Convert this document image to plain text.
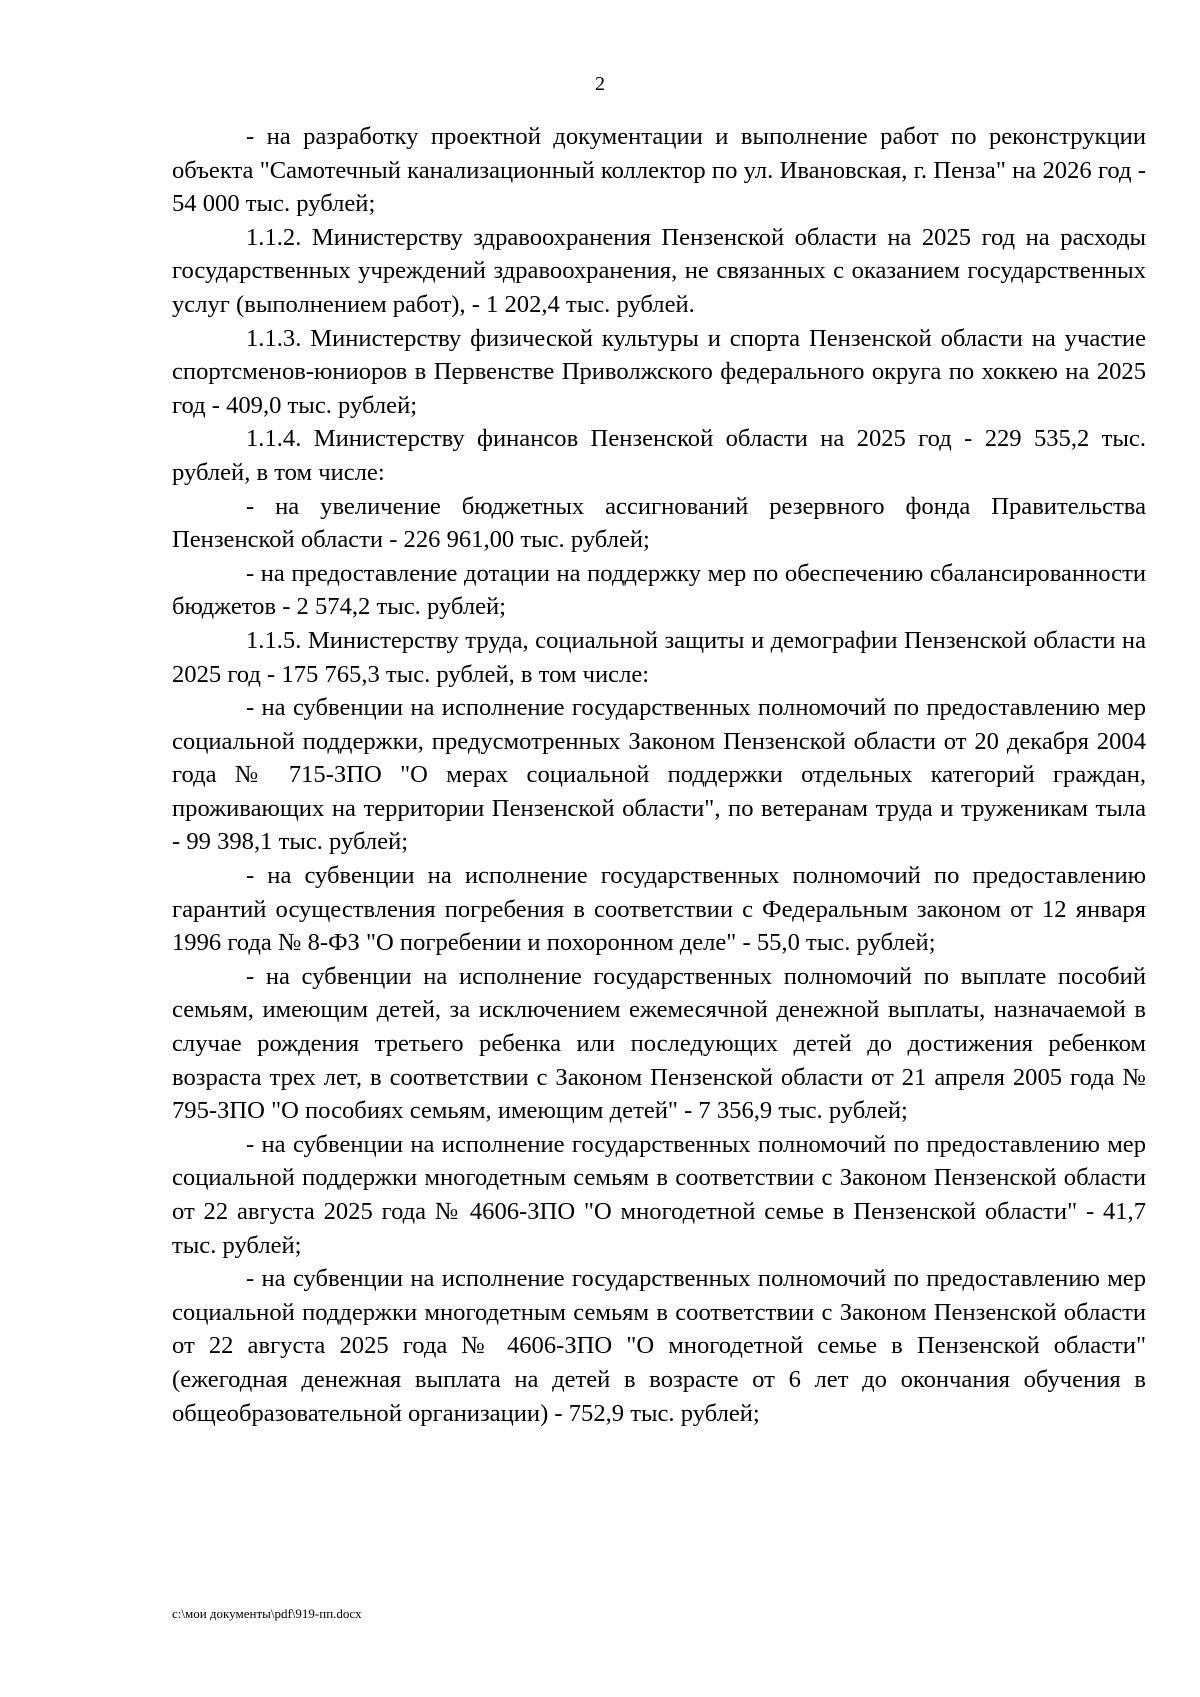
2

- на разработку проектной документации и выполнение работ по реконструкции объекта "Самотечный канализационный коллектор по ул. Ивановская, г. Пенза" на 2026 год - 54 000 тыс. рублей;

1.1.2. Министерству здравоохранения Пензенской области на 2025 год на расходы государственных учреждений здравоохранения, не связанных с оказанием государственных услуг (выполнением работ), - 1 202,4 тыс. рублей.

1.1.3. Министерству физической культуры и спорта Пензенской области на участие спортсменов-юниоров в Первенстве Приволжского федерального округа по хоккею на 2025 год - 409,0 тыс. рублей;

1.1.4. Министерству финансов Пензенской области на 2025 год - 229 535,2 тыс. рублей, в том числе:

- на увеличение бюджетных ассигнований резервного фонда Правительства Пензенской области - 226 961,00 тыс. рублей;

- на предоставление дотации на поддержку мер по обеспечению сбалансированности бюджетов - 2 574,2 тыс. рублей;

1.1.5. Министерству труда, социальной защиты и демографии Пензенской области на 2025 год - 175 765,3 тыс. рублей, в том числе:

- на субвенции на исполнение государственных полномочий по предоставлению мер социальной поддержки, предусмотренных Законом Пензенской области от 20 декабря 2004 года № 715-ЗПО "О мерах социальной поддержки отдельных категорий граждан, проживающих на территории Пензенской области", по ветеранам труда и труженикам тыла - 99 398,1 тыс. рублей;

- на субвенции на исполнение государственных полномочий по предоставлению гарантий осуществления погребения в соответствии с Федеральным законом от 12 января 1996 года № 8-ФЗ "О погребении и похоронном деле" - 55,0 тыс. рублей;

- на субвенции на исполнение государственных полномочий по выплате пособий семьям, имеющим детей, за исключением ежемесячной денежной выплаты, назначаемой в случае рождения третьего ребенка или последующих детей до достижения ребенком возраста трех лет, в соответствии с Законом Пензенской области от 21 апреля 2005 года № 795-ЗПО "О пособиях семьям, имеющим детей" - 7 356,9 тыс. рублей;

- на субвенции на исполнение государственных полномочий по предоставлению мер социальной поддержки многодетным семьям в соответствии с Законом Пензенской области от 22 августа 2025 года № 4606-ЗПО "О многодетной семье в Пензенской области" - 41,7 тыс. рублей;

- на субвенции на исполнение государственных полномочий по предоставлению мер социальной поддержки многодетным семьям в соответствии с Законом Пензенской области от 22 августа 2025 года № 4606-ЗПО "О многодетной семье в Пензенской области" (ежегодная денежная выплата на детей в возрасте от 6 лет до окончания обучения в общеобразовательной организации) - 752,9 тыс. рублей;

c:\мои документы\pdf\919-пп.docx
